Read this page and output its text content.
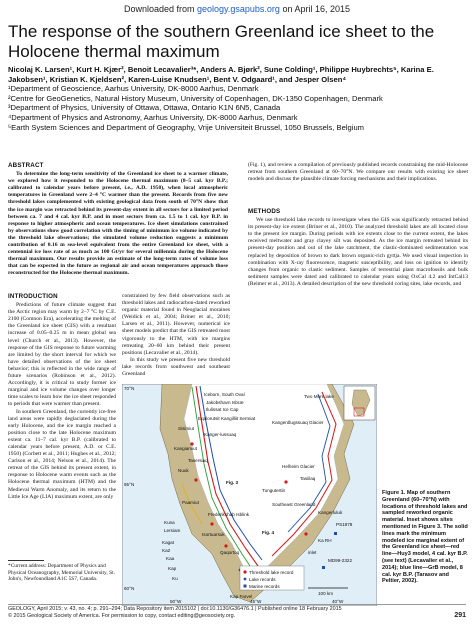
Downloaded from geology.gsapubs.org on April 16, 2015
The response of the southern Greenland ice sheet to the Holocene thermal maximum
Nicolaj K. Larsen¹, Kurt H. Kjær², Benoit Lecavalier³*, Anders A. Bjørk², Sune Colding¹, Philippe Huybrechts⁵, Karina E. Jakobsen¹, Kristian K. Kjeldsen², Karen-Luise Knudsen¹, Bent V. Odgaard¹, and Jesper Olsen⁴
¹Department of Geoscience, Aarhus University, DK-8000 Aarhus, Denmark
²Centre for GeoGenetics, Natural History Museum, University of Copenhagen, DK-1350 Copenhagen, Denmark
³Department of Physics, University of Ottawa, Ottawa, Ontario K1N 6N5, Canada
⁴Department of Physics and Astronomy, Aarhus University, DK-8000 Aarhus, Denmark
⁵Earth System Sciences and Department of Geography, Vrije Universiteit Brussel, 1050 Brussels, Belgium
ABSTRACT

To determine the long-term sensitivity of the Greenland ice sheet to a warmer climate, we explored how it responded to the Holocene thermal maximum (8–5 cal. kyr B.P.; calibrated to calendar years before present, i.e., A.D. 1950), when local atmospheric temperatures in Greenland were 2–4 °C warmer than the present. Records from five new threshold lakes complemented with existing geological data from south of 70°N show that the ice margin was retracted behind its present-day extent in all sectors for a limited period between ca. 7 and 4 cal. kyr B.P. and in most sectors from ca. 1.5 to 1 cal. kyr B.P. in response to higher atmospheric and ocean temperatures. Ice sheet simulations constrained by observations show good correlation with the timing of minimum ice volume indicated by the threshold lake observations; the simulated volume reduction suggests a minimum contribution of 0.16 m sea-level equivalent from the entire Greenland ice sheet, with a centennial ice loss rate of as much as 100 Gt/yr for several millennia during the Holocene thermal maximum. Our results provide an estimate of the long-term rates of volume loss that can be expected in the future as regional air and ocean temperatures approach those reconstructed for the Holocene thermal maximum.

(Fig. 1), and review a compilation of previously published records constraining the mid-Holocene retreat from southern Greenland at 60–70°N. We compare our results with existing ice sheet models and discuss the plausible climate forcing mechanisms and their implications.

METHODS

We use threshold lake records to investigate when the GIS was significantly retracted behind its present-day ice extent (Briner et al., 2010). The analyzed threshold lakes are all located close to the present ice margin. During periods with ice extents close to the current extent, the lakes received meltwater and gray clayey silt was deposited. As the ice margin retreated behind its present-day position and out of the lake catchment, the clastic-dominated sedimentation was replaced by deposition of brown to dark brown organic-rich gyttja. We used visual inspection in combination with X-ray fluorescence, magnetic susceptibility, and loss on ignition to identify changes from organic to clastic sediment. Samples of terrestrial plant macrofossils and bulk sediment samples were dated and calibrated to calendar years using OxCal 4.2 and IntCal13 (Reimer et al., 2013). A detailed description of the new threshold coring sites, lake records, and

INTRODUCTION

Predictions of future climate suggest that the Arctic region may warm by 2–7 °C by C.E. 2100 (Comnon Era), accelerating the melting of the Greenland ice sheet (GIS) with a resultant increase of 0.05–0.25 m in mean global sea level (Church et al., 2013). However, the response of the GIS response to future warming are limited by the short interval for which we have detailed observations of the ice sheet behavior; this is reflected in the wide range of future scenarios (Robinson et al., 2012). Accordingly, it is critical to study former ice marginal and ice volume changes over longer time scales to learn how the ice sheet responded to periods that were warmer than present.

In southern Greenland, the currently ice-free land areas were rapidly deglaciated during the early Holocene, and the ice margin reached a position close to the late Holocene maximum extent ca. 11–7 cal. kyr B.P. (calibrated to calendar years before present, A.D. or C.E. 1950) (Corbett et al., 2011; Hughes et al., 2012; Carlson et al., 2014; Nelson et al., 2014). The retreat of the GIS behind its present extent, in response to Holocene warm events such as the Holocene thermal maximum (HTM) and the Medieval Warm Anomaly, and its return to the Little Ice Age (LIA) maximum extent, are only

constrained by few field observations such as threshold lakes and radiocarbon-dated reworked organic material found in Neoglacial moraines (Weidick et al., 2004; Briner et al., 2010; Larsen et al., 2011). However, numerical ice sheet models predict that the GIS retreated most vigorously to the HTM, with ice margins retreating 20–60 km behind their present positions (Lecavalier et al., 2014).

In this study we present five new threshold lake records from southwest and southeast Greenland

*Current address: Department of Physics and Physical Oceanography, Memorial University, St. John's, Newfoundland A1C 5S7, Canada.
70°N
65°N
60°N
50°W	45°W	40°W
Iceborn, South Oval
Jakobshavn Isbræ
Ilulissat Ice Cap
Eqalorutsit Kangilliit Sermiat
Sisimiut
Kanger-lussuaq
Kangerdlugssuaq Glacier
Two More lake
Kangiamiut
Nuuk
Helheim Glacier
Tasiilaq
Paamiut
Tungutertiit
Southeast Greenland
Frederikshab Isblink
Isortuarsuk
Qaqortoq
Kap Farvel
Fig. 3
Fig. 4
Kangerluluk
Tasersiaq
PS1878
MD99-2322
Ka RH
inlet
Kuna
Lersiam
Kagat
Ka2
Kaa
Kap
Ku
Threshold lake record
Lake records
Marine records
100 km
Figure 1. Map of southern Greenland (60–70°N) with locations of threshold lakes and sampled reworked organic material. Inset shows sites mentioned in Figure 3. The solid lines mark the minimum modeled ice marginal extent of the Greenland ice sheet—red line—Huy3 model, 4 cal. kyr B.P. (see text) (Lecavalier et al., 2014); blue line—GrB model, 8 cal. kyr B.P. (Tarasov and Peltier, 2002).
GEOLOGY, April 2015; v. 43, no. 4; p. 291–294; Data Repository item 2015102 | doi:10.1130/G36476.1 | Published online 18 February 2015
© 2015 Geological Society of America. For permission to copy, contact editing@geosociety.org.	291
